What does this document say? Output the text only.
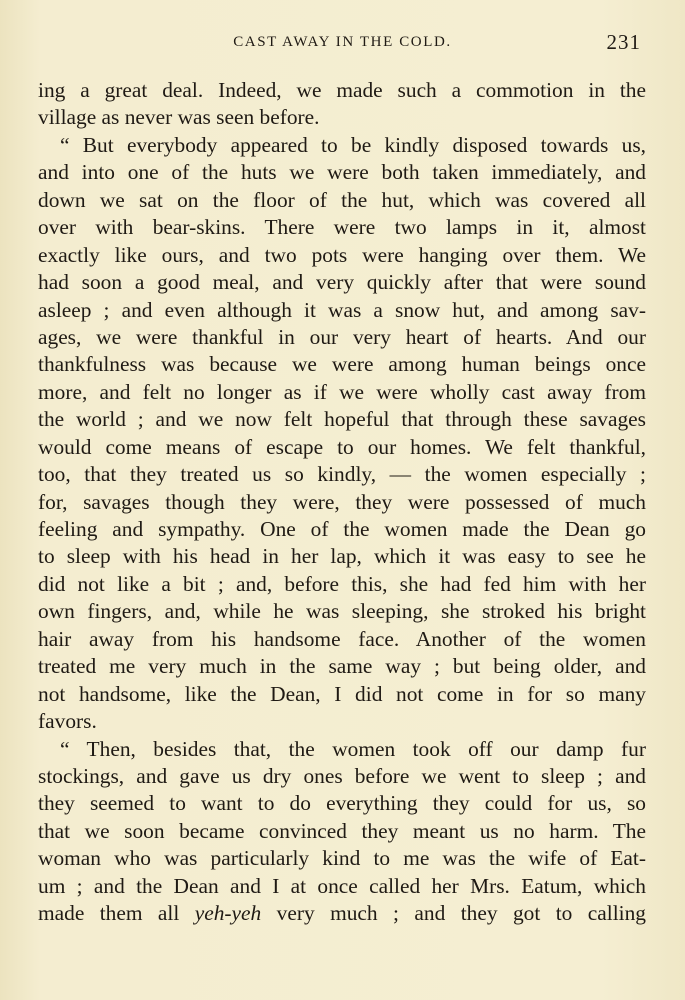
CAST AWAY IN THE COLD.	231
ing a great deal. Indeed, we made such a commotion in the
village as never was seen before.
“ But everybody appeared to be kindly disposed towards us,
and into one of the huts we were both taken immediately, and
down we sat on the floor of the hut, which was covered all
over with bear-skins. There were two lamps in it, almost
exactly like ours, and two pots were hanging over them. We
had soon a good meal, and very quickly after that were sound
asleep ; and even although it was a snow hut, and among sav-
ages, we were thankful in our very heart of hearts. And our
thankfulness was because we were among human beings once
more, and felt no longer as if we were wholly cast away from
the world ; and we now felt hopeful that through these savages
would come means of escape to our homes. We felt thankful,
too, that they treated us so kindly, — the women especially ;
for, savages though they were, they were possessed of much
feeling and sympathy. One of the women made the Dean go
to sleep with his head in her lap, which it was easy to see he
did not like a bit ; and, before this, she had fed him with her
own fingers, and, while he was sleeping, she stroked his bright
hair away from his handsome face. Another of the women
treated me very much in the same way ; but being older, and
not handsome, like the Dean, I did not come in for so many
favors.
“ Then, besides that, the women took off our damp fur
stockings, and gave us dry ones before we went to sleep ; and
they seemed to want to do everything they could for us, so
that we soon became convinced they meant us no harm. The
woman who was particularly kind to me was the wife of Eat-
um ; and the Dean and I at once called her Mrs. Eatum, which
made them all yeh-yeh very much ; and they got to calling
